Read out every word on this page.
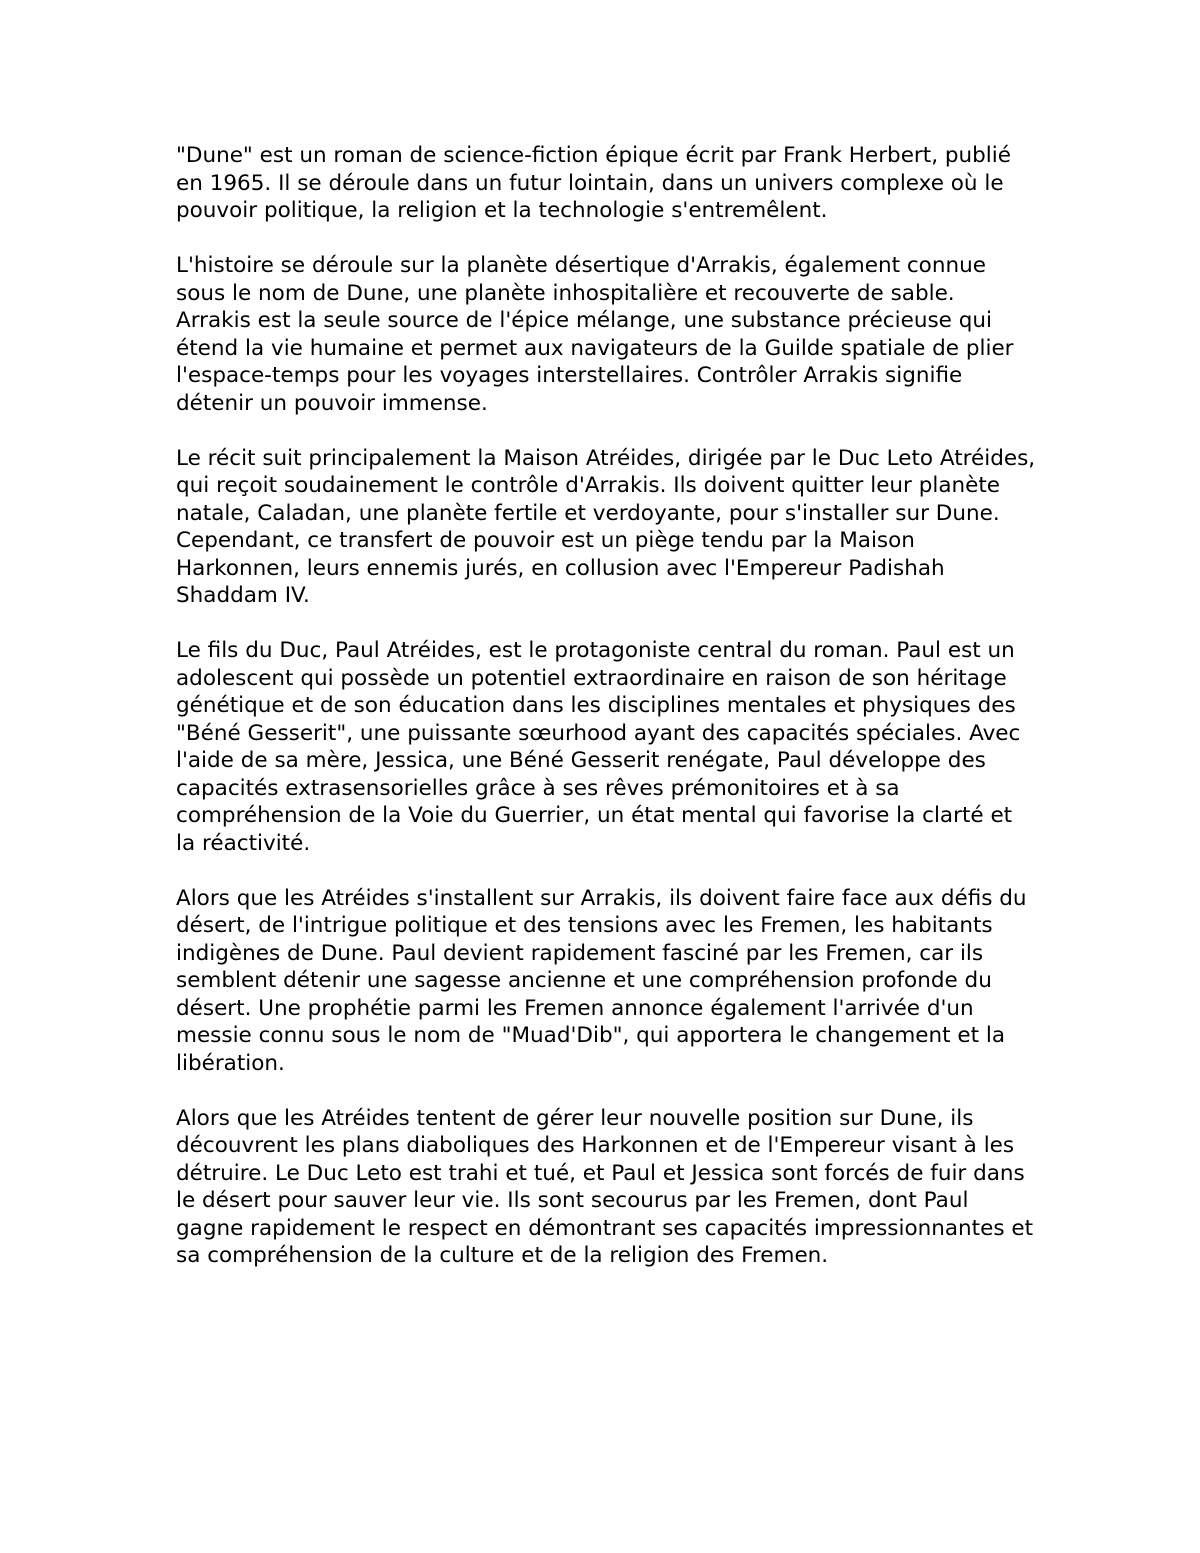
"Dune" est un roman de science-fiction épique écrit par Frank Herbert, publié en 1965. Il se déroule dans un futur lointain, dans un univers complexe où le pouvoir politique, la religion et la technologie s'entremêlent.

L'histoire se déroule sur la planète désertique d'Arrakis, également connue sous le nom de Dune, une planète inhospitalière et recouverte de sable. Arrakis est la seule source de l'épice mélange, une substance précieuse qui étend la vie humaine et permet aux navigateurs de la Guilde spatiale de plier l'espace-temps pour les voyages interstellaires. Contrôler Arrakis signifie détenir un pouvoir immense.

Le récit suit principalement la Maison Atréides, dirigée par le Duc Leto Atréides, qui reçoit soudainement le contrôle d'Arrakis. Ils doivent quitter leur planète natale, Caladan, une planète fertile et verdoyante, pour s'installer sur Dune. Cependant, ce transfert de pouvoir est un piège tendu par la Maison Harkonnen, leurs ennemis jurés, en collusion avec l'Empereur Padishah Shaddam IV.

Le fils du Duc, Paul Atréides, est le protagoniste central du roman. Paul est un adolescent qui possède un potentiel extraordinaire en raison de son héritage génétique et de son éducation dans les disciplines mentales et physiques des "Béné Gesserit", une puissante sœurhood ayant des capacités spéciales. Avec l'aide de sa mère, Jessica, une Béné Gesserit renégate, Paul développe des capacités extrasensorielles grâce à ses rêves prémonitoires et à sa compréhension de la Voie du Guerrier, un état mental qui favorise la clarté et la réactivité.

Alors que les Atréides s'installent sur Arrakis, ils doivent faire face aux défis du désert, de l'intrigue politique et des tensions avec les Fremen, les habitants indigènes de Dune. Paul devient rapidement fasciné par les Fremen, car ils semblent détenir une sagesse ancienne et une compréhension profonde du désert. Une prophétie parmi les Fremen annonce également l'arrivée d'un messie connu sous le nom de "Muad'Dib", qui apportera le changement et la libération.

Alors que les Atréides tentent de gérer leur nouvelle position sur Dune, ils découvrent les plans diaboliques des Harkonnen et de l'Empereur visant à les détruire. Le Duc Leto est trahi et tué, et Paul et Jessica sont forcés de fuir dans le désert pour sauver leur vie. Ils sont secourus par les Fremen, dont Paul gagne rapidement le respect en démontrant ses capacités impressionnantes et sa compréhension de la culture et de la religion des Fremen.
